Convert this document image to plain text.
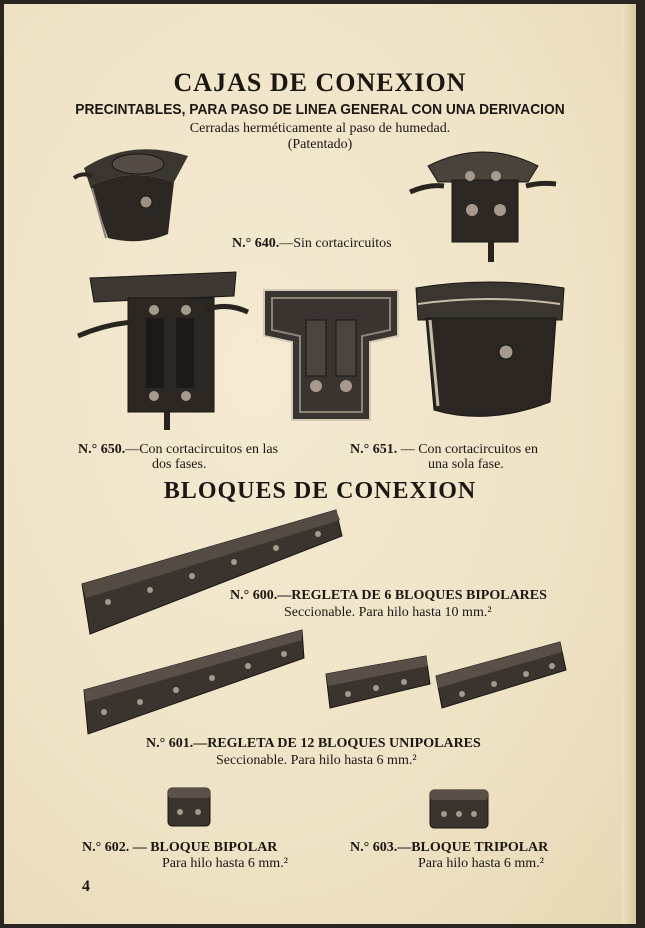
CAJAS DE CONEXION
PRECINTABLES, PARA PASO DE LINEA GENERAL CON UNA DERIVACION
Cerradas herméticamente al paso de humedad.
(Patentado)
N.° 640.—Sin cortacircuitos
N.° 650.—Con cortacircuitos en las
dos fases.
N.° 651. — Con cortacircuitos en
una sola fase.
BLOQUES DE CONEXION
N.° 600.—REGLETA DE 6 BLOQUES BIPOLARES
Seccionable. Para hilo hasta 10 mm.²
N.° 601.—REGLETA DE 12 BLOQUES UNIPOLARES
Seccionable. Para hilo hasta 6 mm.²
N.° 602. — BLOQUE BIPOLAR
Para hilo hasta 6 mm.²
N.° 603.—BLOQUE TRIPOLAR
Para hilo hasta 6 mm.²
4
